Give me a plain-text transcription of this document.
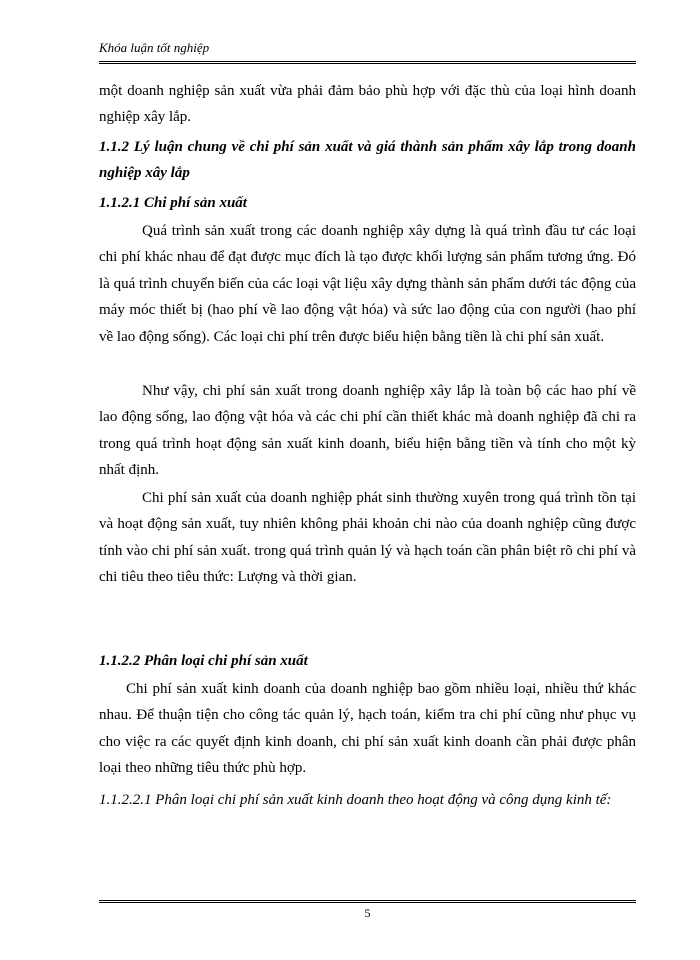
Khóa luận tốt nghiệp

một doanh nghiệp sản xuất vừa phải đảm bảo phù hợp với đặc thù của loại hình doanh nghiệp xây lắp.

1.1.2 Lý luận chung về chi phí sản xuất và giá thành sản phẩm xây lắp trong doanh nghiệp xây lắp

1.1.2.1 Chi phí sản xuất

Quá trình sản xuất trong các doanh nghiệp xây dựng là quá trình đầu tư các loại chi phí khác nhau để đạt được mục đích là tạo được khối lượng sản phẩm tương ứng. Đó là quá trình chuyển biến của các loại vật liệu xây dựng thành sản phẩm dưới tác động của máy móc thiết bị (hao phí về lao động vật hóa) và sức lao động của con người (hao phí về lao động sống). Các loại chi phí trên được biểu hiện bằng tiền là chi phí sản xuất.

Như vậy, chi phí sản xuất trong doanh nghiệp xây lắp là toàn bộ các hao phí về lao động sống, lao động vật hóa và các chi phí cần thiết khác mà doanh nghiệp đã chi ra trong quá trình hoạt động sản xuất kinh doanh, biểu hiện bằng tiền và tính cho một kỳ nhất định.

Chi phí sản xuất của doanh nghiệp phát sinh thường xuyên trong quá trình tồn tại và hoạt động sản xuất, tuy nhiên không phải khoản chi nào của doanh nghiệp cũng được tính vào chi phí sản xuất. trong quá trình quản lý và hạch toán cần phân biệt rõ chi phí và chi tiêu theo tiêu thức: Lượng và thời gian.

1.1.2.2 Phân loại chi phí sản xuất

Chi phí sản xuất kinh doanh của doanh nghiệp bao gồm nhiều loại, nhiều thứ khác nhau. Để thuận tiện cho công tác quản lý, hạch toán, kiểm tra chi phí cũng như phục vụ cho việc ra các quyết định kinh doanh, chi phí sản xuất kinh doanh cần phải được phân loại theo những tiêu thức phù hợp.

1.1.2.2.1 Phân loại chi phí sản xuất kinh doanh theo hoạt động và công dụng kinh tế:

5
